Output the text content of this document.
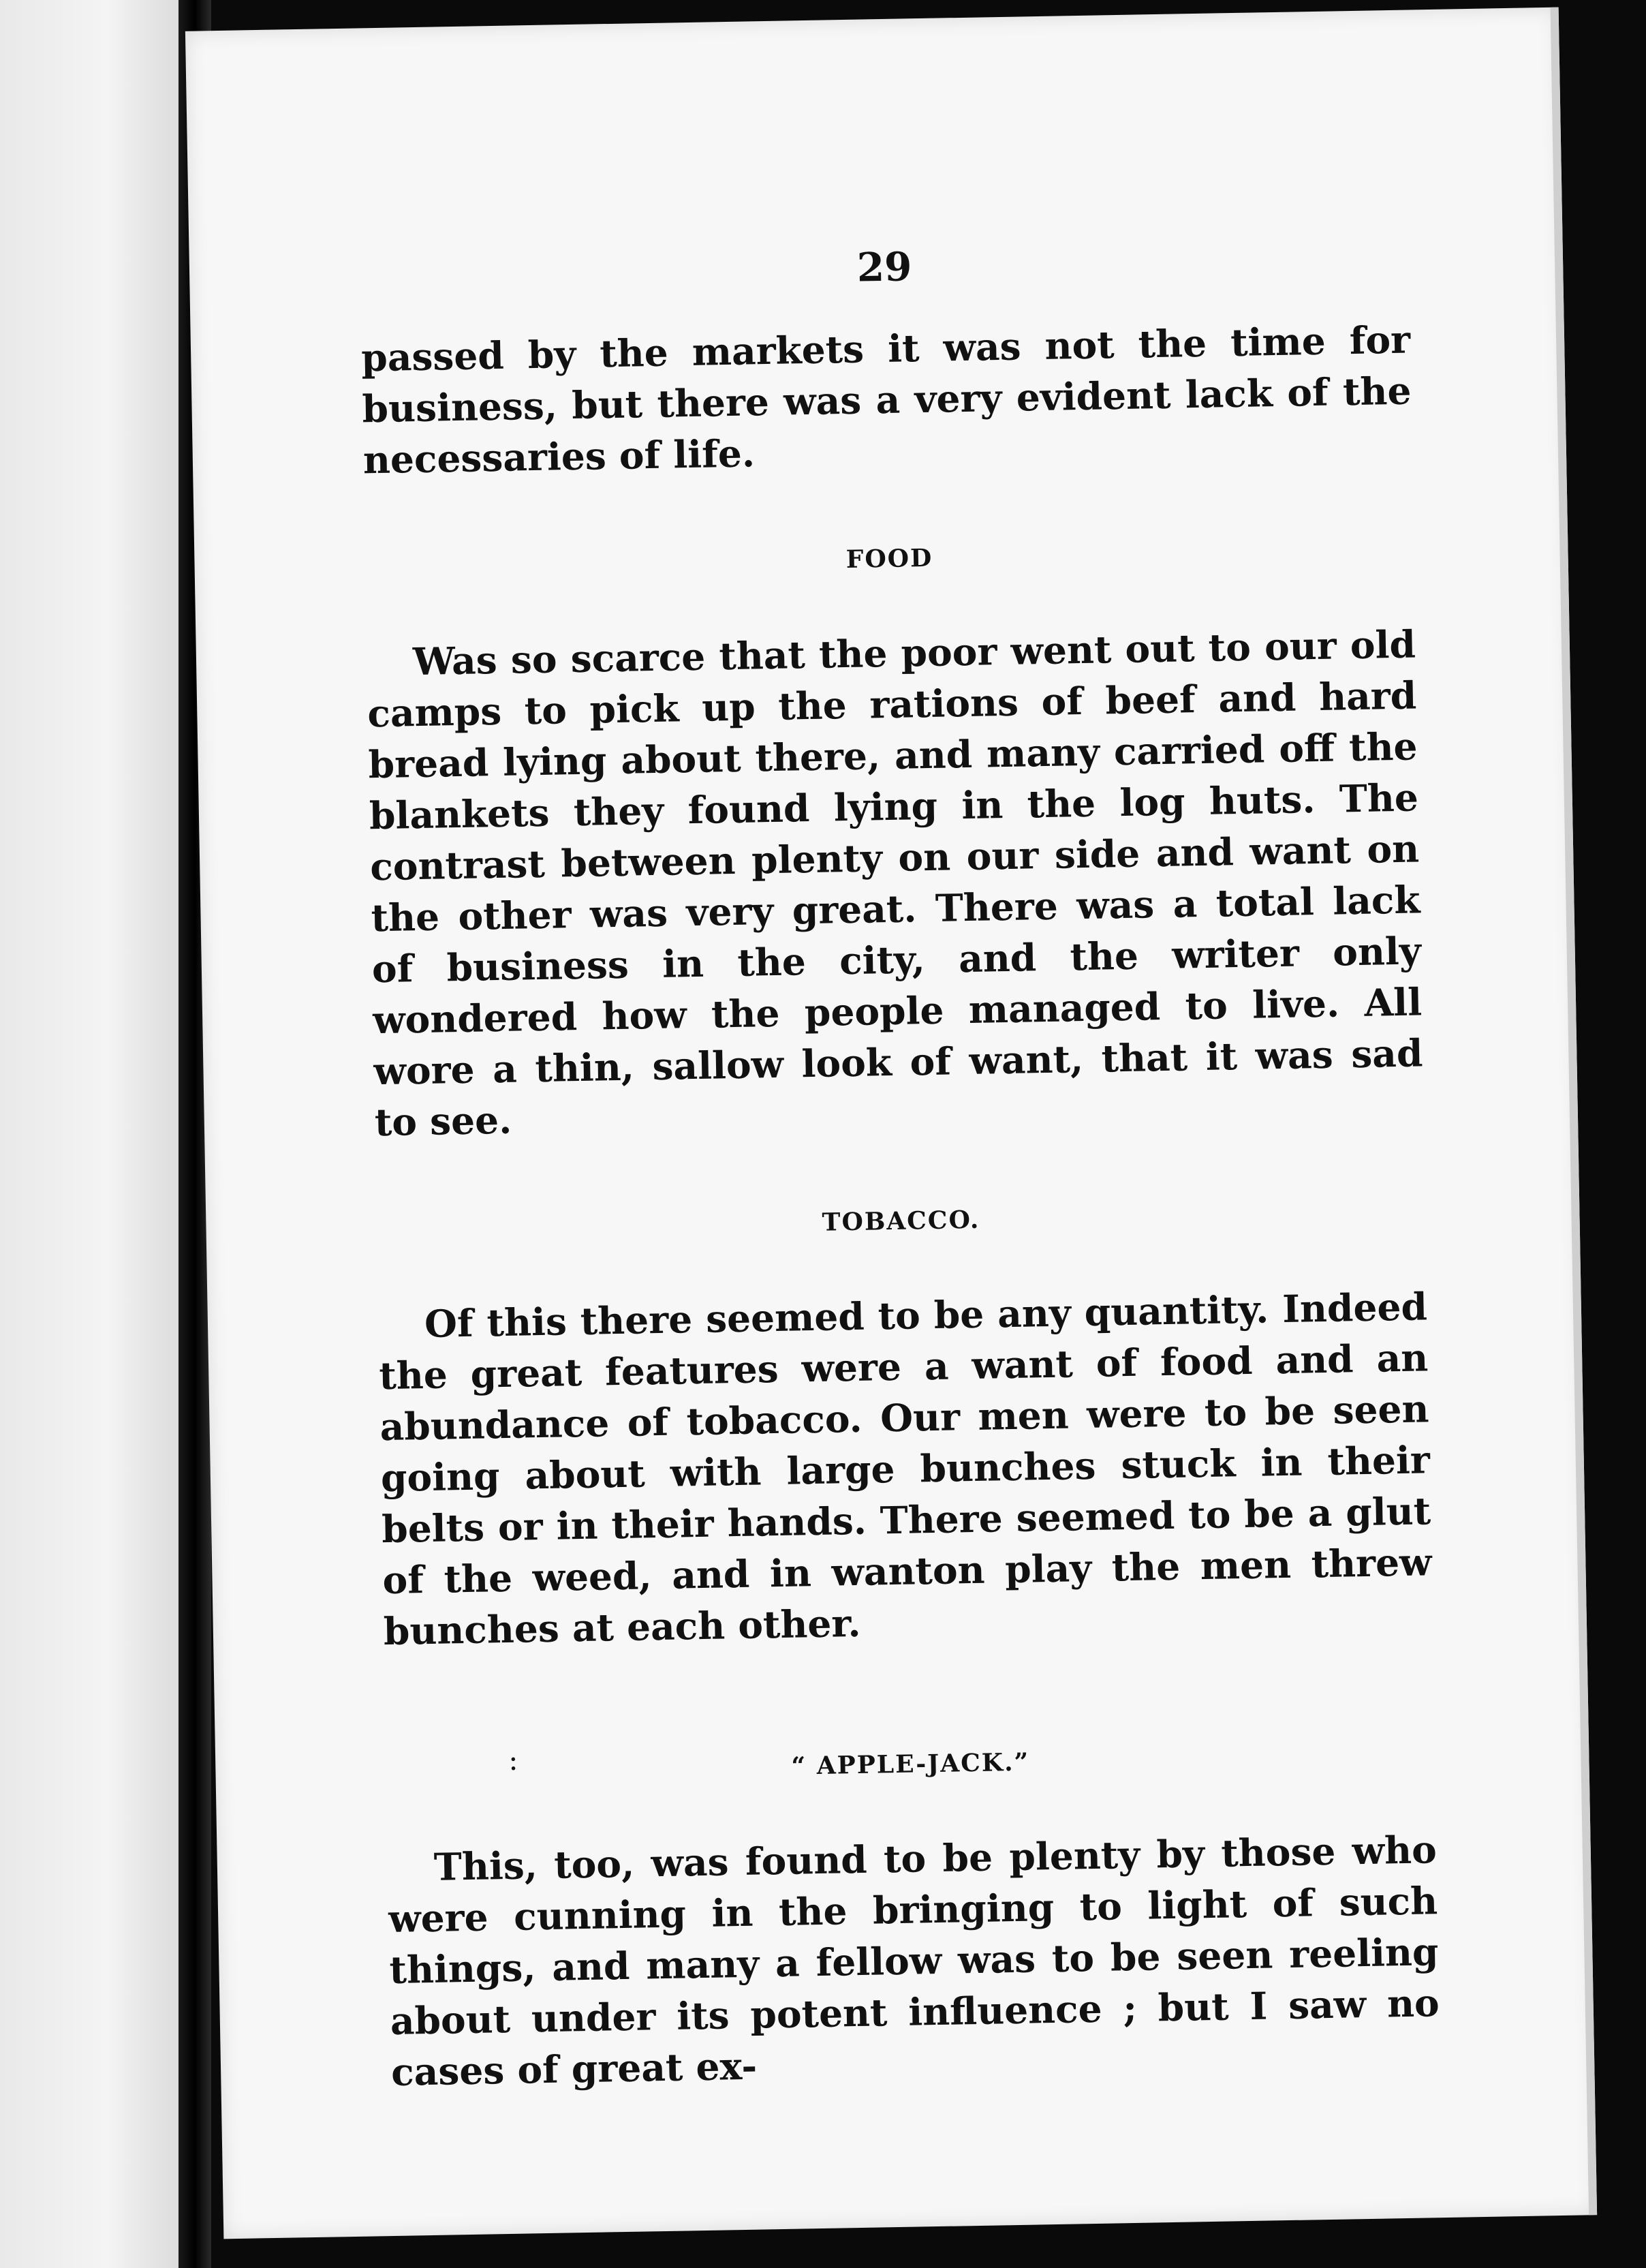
29

passed by the markets it was not the time for business, but there was a very evident lack of the necessaries of life.

FOOD

Was so scarce that the poor went out to our old camps to pick up the rations of beef and hard bread lying about there, and many carried off the blankets they found lying in the log huts. The contrast between plenty on our side and want on the other was very great. There was a total lack of business in the city, and the writer only wondered how the people managed to live. All wore a thin, sallow look of want, that it was sad to see.

TOBACCO.

Of this there seemed to be any quantity. Indeed the great features were a want of food and an abundance of tobacco. Our men were to be seen going about with large bunches stuck in their belts or in their hands. There seemed to be a glut of the weed, and in wanton play the men threw bunches at each other.

“ APPLE-JACK.”

This, too, was found to be plenty by those who were cunning in the bringing to light of such things, and many a fellow was to be seen reeling about under its potent influence ; but I saw no cases of great ex-

:
